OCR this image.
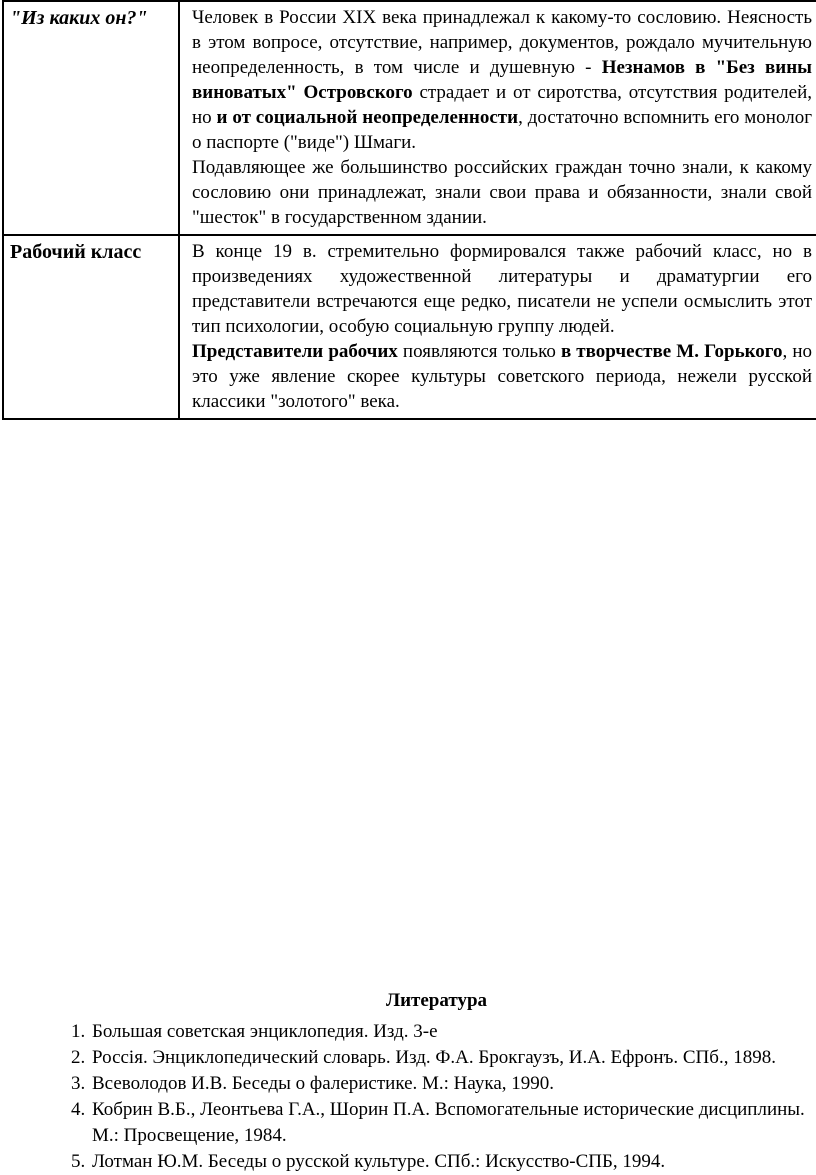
"Из каких он?"	Человек в России XIX века принадлежал к какому-то сословию. Неясность в этом вопросе, отсутствие, например, документов, рождало мучительную неопределенность, в том числе и душевную - Незнамов в "Без вины виноватых" Островского страдает и от сиротства, отсутствия родителей, но и от социальной неопределенности, достаточно вспомнить его монолог о паспорте ("виде") Шмаги.

Подавляющее же большинство российских граждан точно знали, к какому сословию они принадлежат, знали свои права и обязанности, знали свой "шесток" в государственном здании.

Рабочий класс	В конце 19 в. стремительно формировался также рабочий класс, но в произведениях художественной литературы и драматургии его представители встречаются еще редко, писатели не успели осмыслить этот тип психологии, особую социальную группу людей.

Представители рабочих появляются только в творчестве М. Горького, но это уже явление скорее культуры советского периода, нежели русской классики "золотого" века.

Литература
1. Большая советская энциклопедия. Изд. 3-е
2. Россія. Энциклопедический словарь. Изд. Ф.А. Брокгаузъ, И.А. Ефронъ. СПб., 1898.
3. Всеволодов И.В. Беседы о фалеристике. М.: Наука, 1990.
4. Кобрин В.Б., Леонтьева Г.А., Шорин П.А. Вспомогательные исторические дисциплины. М.: Просвещение, 1984.
5. Лотман Ю.М. Беседы о русской культуре. СПб.: Искусство-СПБ, 1994.
